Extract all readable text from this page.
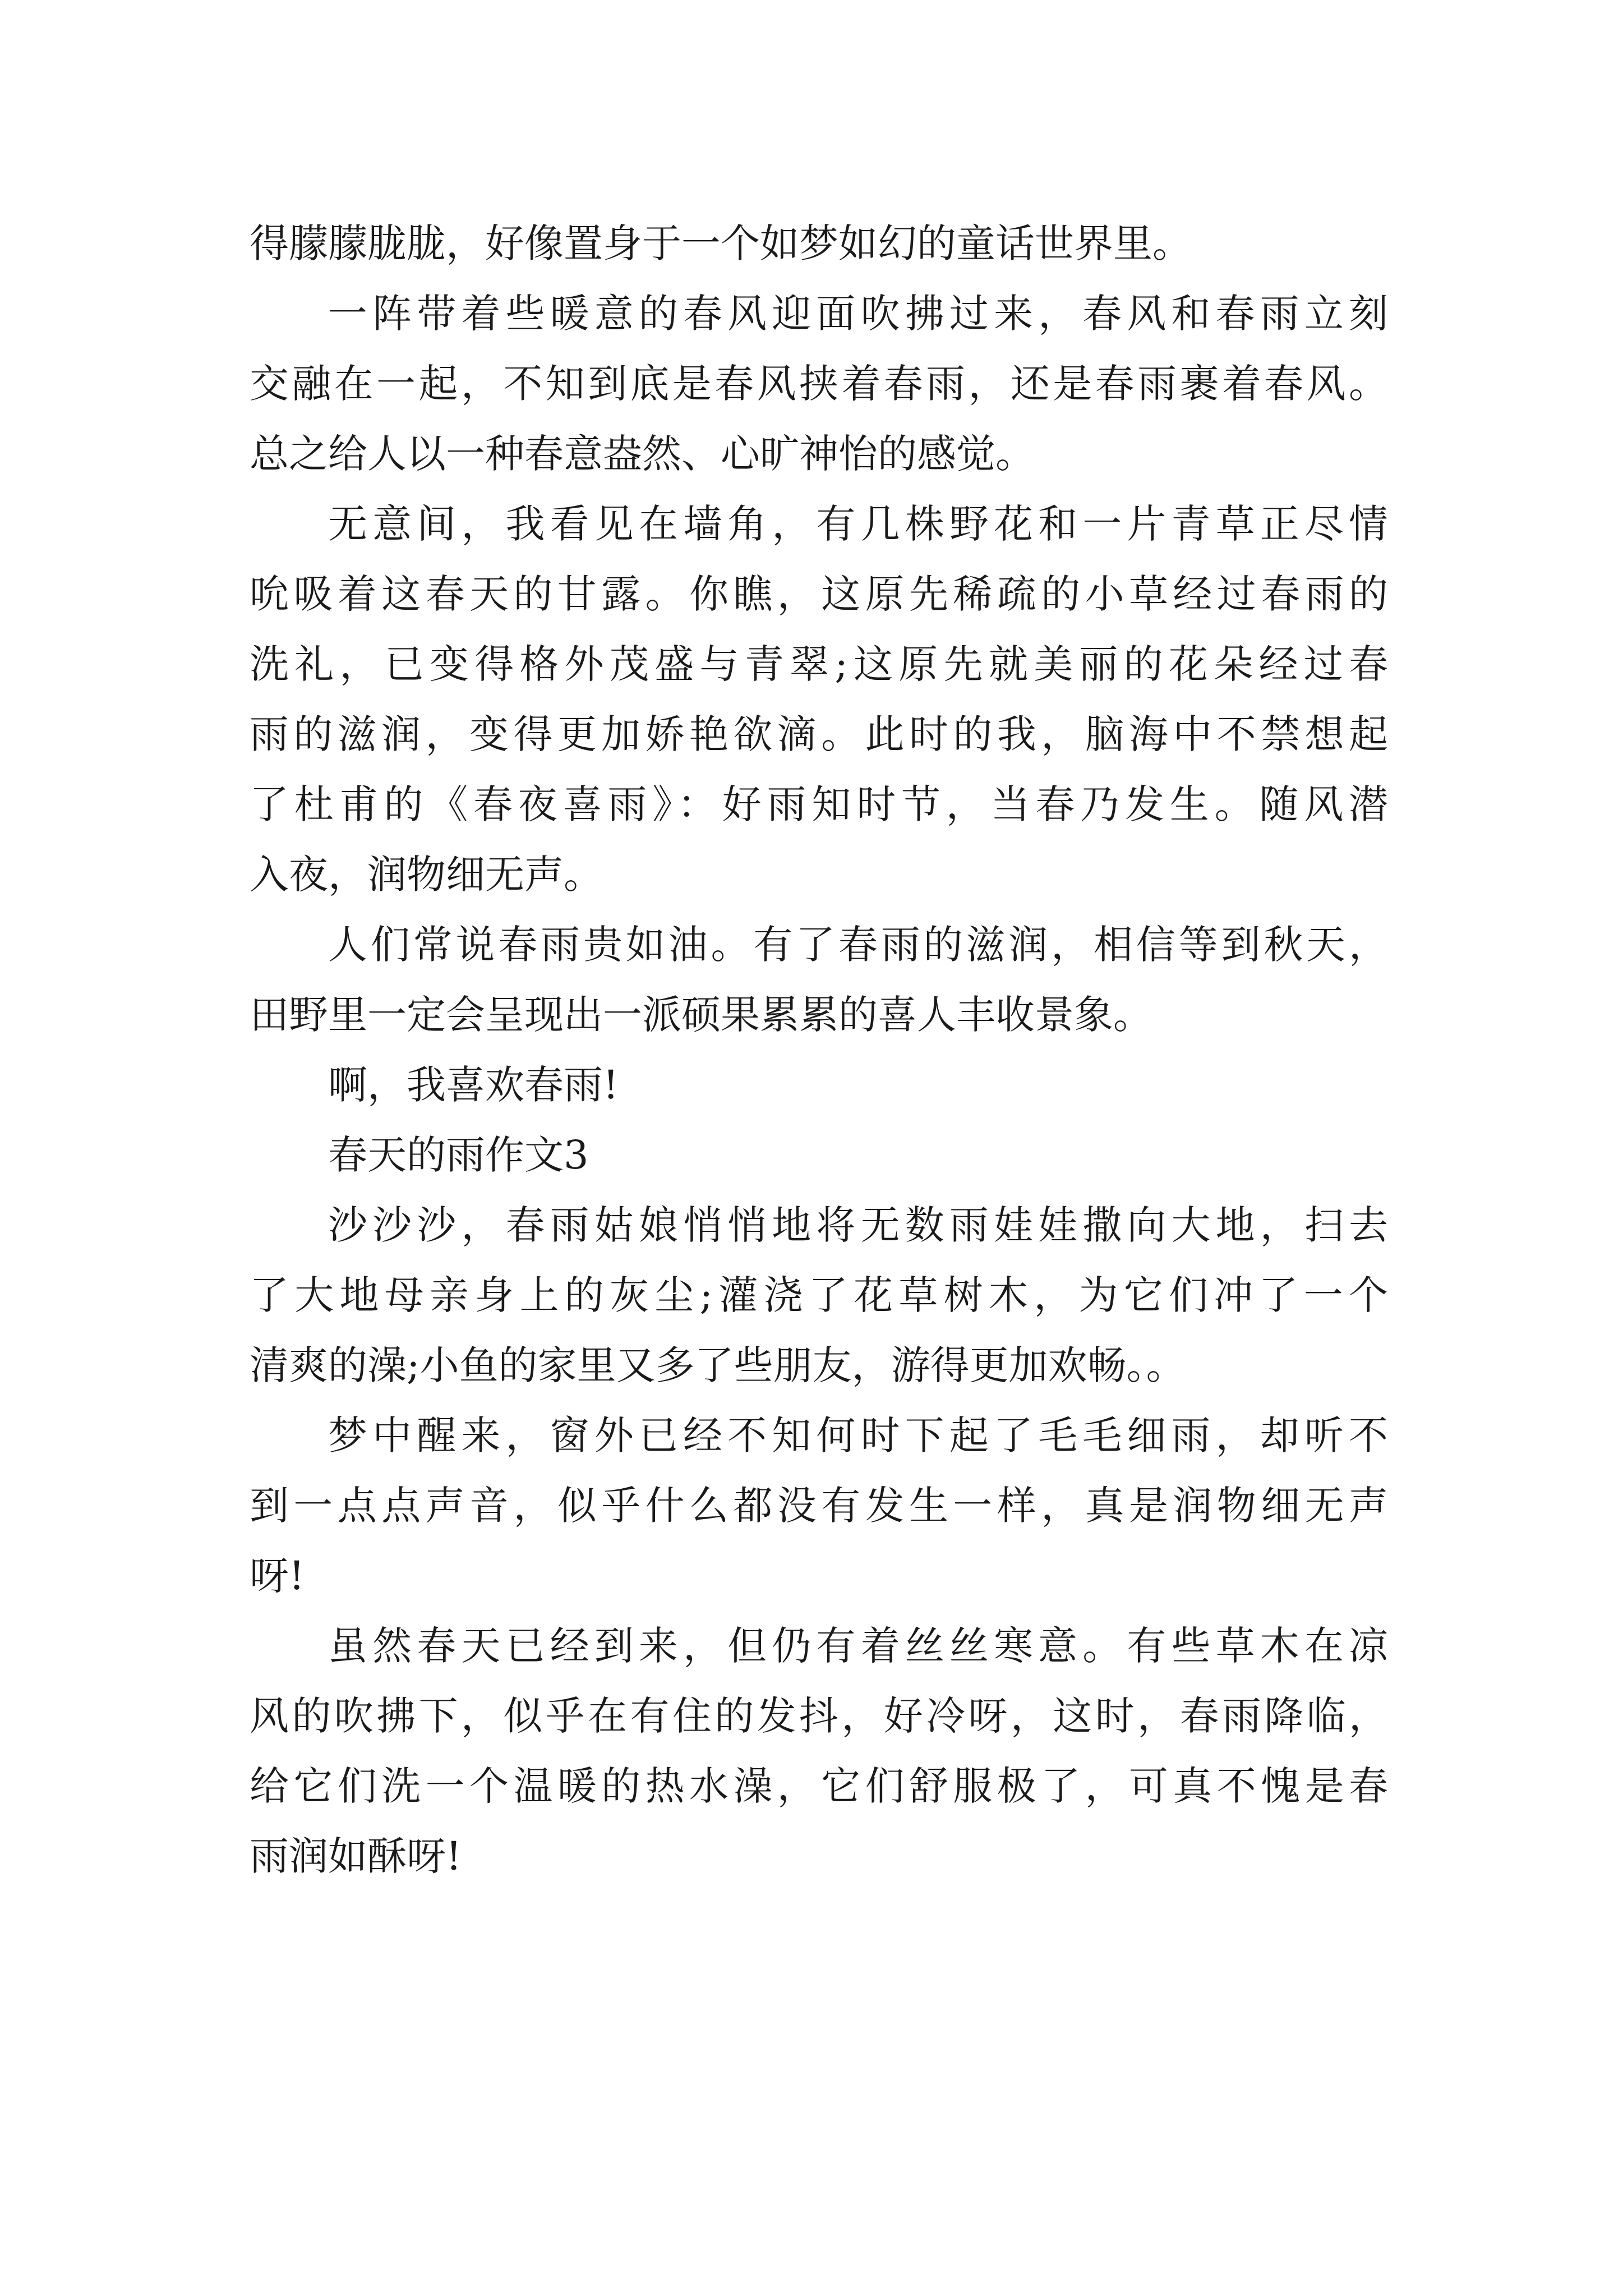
得朦朦胧胧，好像置身于一个如梦如幻的童话世界里。
一阵带着些暖意的春风迎面吹拂过来，春风和春雨立刻
交融在一起，不知到底是春风挟着春雨，还是春雨裹着春风。
总之给人以一种春意盎然、心旷神怡的感觉。
无意间，我看见在墙角，有几株野花和一片青草正尽情
吮吸着这春天的甘露。你瞧，这原先稀疏的小草经过春雨的
洗礼，已变得格外茂盛与青翠;这原先就美丽的花朵经过春
雨的滋润，变得更加娇艳欲滴。此时的我，脑海中不禁想起
了杜甫的《春夜喜雨》：好雨知时节，当春乃发生。随风潜
入夜，润物细无声。
人们常说春雨贵如油。有了春雨的滋润，相信等到秋天，
田野里一定会呈现出一派硕果累累的喜人丰收景象。
啊，我喜欢春雨!
春天的雨作文3
沙沙沙，春雨姑娘悄悄地将无数雨娃娃撒向大地，扫去
了大地母亲身上的灰尘;灌浇了花草树木，为它们冲了一个
清爽的澡;小鱼的家里又多了些朋友，游得更加欢畅。。
梦中醒来，窗外已经不知何时下起了毛毛细雨，却听不
到一点点声音，似乎什么都没有发生一样，真是润物细无声
呀!
虽然春天已经到来，但仍有着丝丝寒意。有些草木在凉
风的吹拂下，似乎在有住的发抖，好冷呀，这时，春雨降临，
给它们洗一个温暖的热水澡，它们舒服极了，可真不愧是春
雨润如酥呀!
